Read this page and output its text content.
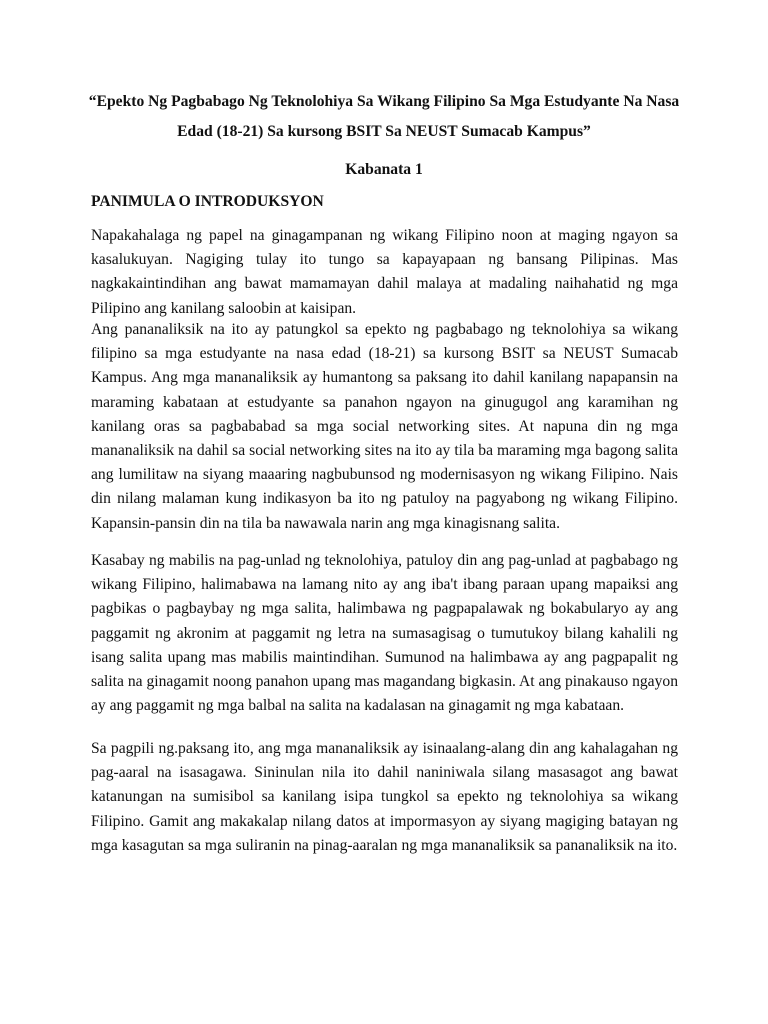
“Epekto Ng Pagbabago Ng Teknolohiya Sa Wikang Filipino Sa Mga Estudyante Na Nasa Edad (18-21) Sa kursong BSIT Sa NEUST Sumacab Kampus”

Kabanata 1

PANIMULA O INTRODUKSYON

Napakahalaga ng papel na ginagampanan ng wikang Filipino noon at maging ngayon sa kasalukuyan. Nagiging tulay ito tungo sa kapayapaan ng bansang Pilipinas. Mas nagkakaintindihan ang bawat mamamayan dahil malaya at madaling naihahatid ng mga Pilipino ang kanilang saloobin at kaisipan.

Ang pananaliksik na ito ay patungkol sa epekto ng pagbabago ng teknolohiya sa wikang filipino sa mga estudyante na nasa edad (18-21) sa kursong BSIT sa NEUST Sumacab Kampus. Ang mga mananaliksik ay humantong sa paksang ito dahil kanilang napapansin na maraming kabataan at estudyante sa panahon ngayon na ginugugol ang karamihan ng kanilang oras sa pagbababad sa mga social networking sites. At napuna din ng mga mananaliksik na dahil sa social networking sites na ito ay tila ba maraming mga bagong salita ang lumilitaw na siyang maaaring nagbubunsod ng modernisasyon ng wikang Filipino. Nais din nilang malaman kung indikasyon ba ito ng patuloy na pagyabong ng wikang Filipino. Kapansin-pansin din na tila ba nawawala narin ang mga kinagisnang salita.

Kasabay ng mabilis na pag-unlad ng teknolohiya, patuloy din ang pag-unlad at pagbabago ng wikang Filipino, halimabawa na lamang nito ay ang iba't ibang paraan upang mapaiksi ang pagbikas o pagbaybay ng mga salita, halimbawa ng pagpapalawak ng bokabularyo ay ang paggamit ng akronim at paggamit ng letra na sumasagisag o tumutukoy bilang kahalili ng isang salita upang mas mabilis maintindihan. Sumunod na halimbawa ay ang pagpapalit ng salita na ginagamit noong panahon upang mas magandang bigkasin. At ang pinakauso ngayon ay ang paggamit ng mga balbal na salita na kadalasan na ginagamit ng mga kabataan.

Sa pagpili ng.paksang ito, ang mga mananaliksik ay isinaalang-alang din ang kahalagahan ng pag-aaral na isasagawa. Sininulan nila ito dahil naniniwala silang masasagot ang bawat katanungan na sumisibol sa kanilang isipa tungkol sa epekto ng teknolohiya sa wikang Filipino. Gamit ang makakalap nilang datos at impormasyon ay siyang magiging batayan ng mga kasagutan sa mga suliranin na pinag-aaralan ng mga mananaliksik sa pananaliksik na ito.
